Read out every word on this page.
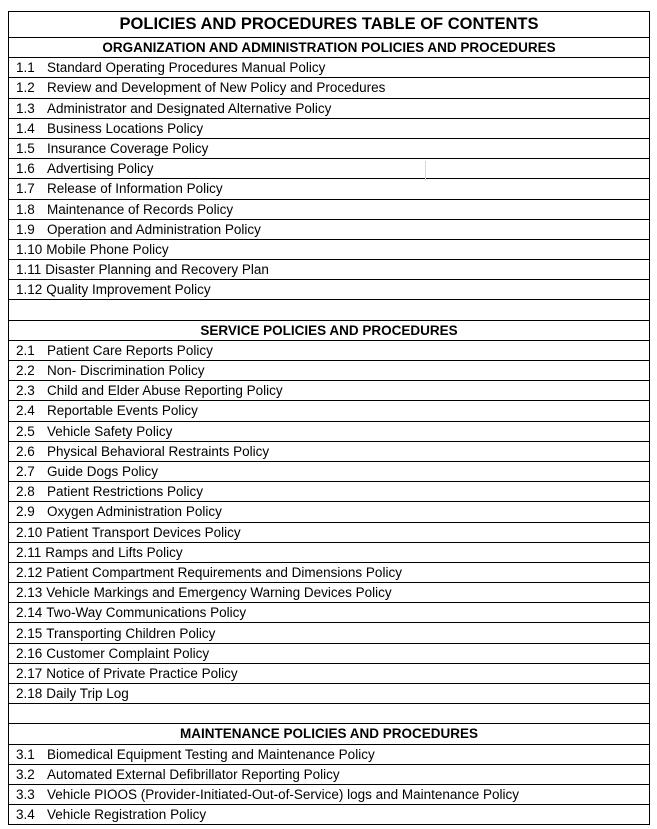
POLICIES AND PROCEDURES TABLE OF CONTENTS
ORGANIZATION AND ADMINISTRATION POLICIES AND PROCEDURES
1.1 Standard Operating Procedures Manual Policy
1.2 Review and Development of New Policy and Procedures
1.3 Administrator and Designated Alternative Policy
1.4 Business Locations Policy
1.5 Insurance Coverage Policy
1.6 Advertising Policy
1.7 Release of Information Policy
1.8 Maintenance of Records Policy
1.9 Operation and Administration Policy
1.10 Mobile Phone Policy
1.11 Disaster Planning and Recovery Plan
1.12 Quality Improvement Policy
SERVICE POLICIES AND PROCEDURES
2.1 Patient Care Reports Policy
2.2 Non- Discrimination Policy
2.3 Child and Elder Abuse Reporting Policy
2.4 Reportable Events Policy
2.5 Vehicle Safety Policy
2.6 Physical Behavioral Restraints Policy
2.7 Guide Dogs Policy
2.8 Patient Restrictions Policy
2.9 Oxygen Administration Policy
2.10 Patient Transport Devices Policy
2.11 Ramps and Lifts Policy
2.12 Patient Compartment Requirements and Dimensions Policy
2.13 Vehicle Markings and Emergency Warning Devices Policy
2.14 Two-Way Communications Policy
2.15 Transporting Children Policy
2.16 Customer Complaint Policy
2.17 Notice of Private Practice Policy
2.18 Daily Trip Log
MAINTENANCE POLICIES AND PROCEDURES
3.1 Biomedical Equipment Testing and Maintenance Policy
3.2 Automated External Defibrillator Reporting Policy
3.3 Vehicle PIOOS (Provider-Initiated-Out-of-Service) logs and Maintenance Policy
3.4 Vehicle Registration Policy
